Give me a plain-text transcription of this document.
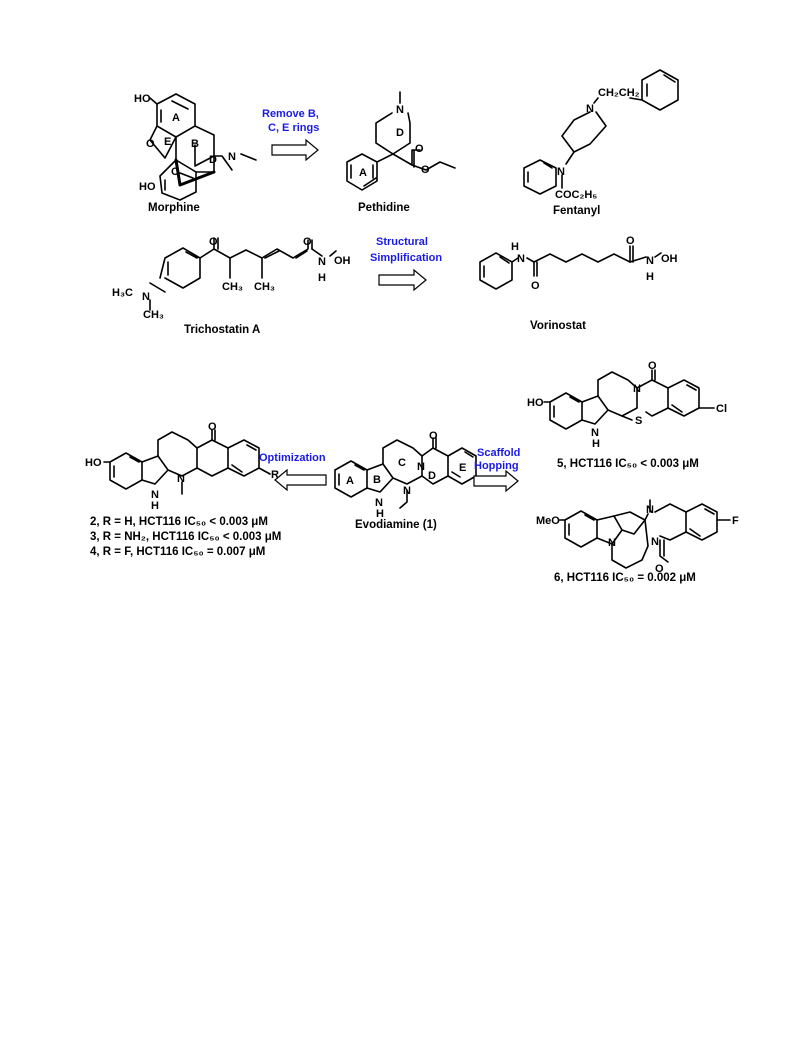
HO
O
N
HO
A
B
C
D
E
Morphine
Remove B,
C, E rings
N
O
O
D
A
Pethidine
CH₂CH₂
N
N
COC₂H₅
Fentanyl
H₃C N
CH₃
O
CH₃ CH₃
O
N
H
OH
Trichostatin A
Structural
Simplification
H
N
O
O
N
H
OH
Vorinostat
HO
N
H
N
O
R
2, R = H, HCT116 IC₅₀ < 0.003 μM
3, R = NH₂, HCT116 IC₅₀ < 0.003 μM
4, R = F, HCT116 IC₅₀ = 0.007 μM
Optimization
N
H
N
N
O
A B
C
D
E
Evodiamine (1)
Scaffold
Hopping
HO
N
N
H
S
O
Cl
5, HCT116 IC₅₀ < 0.003 μM
MeO
N
N	N
O
F
6, HCT116 IC₅₀ = 0.002 μM
